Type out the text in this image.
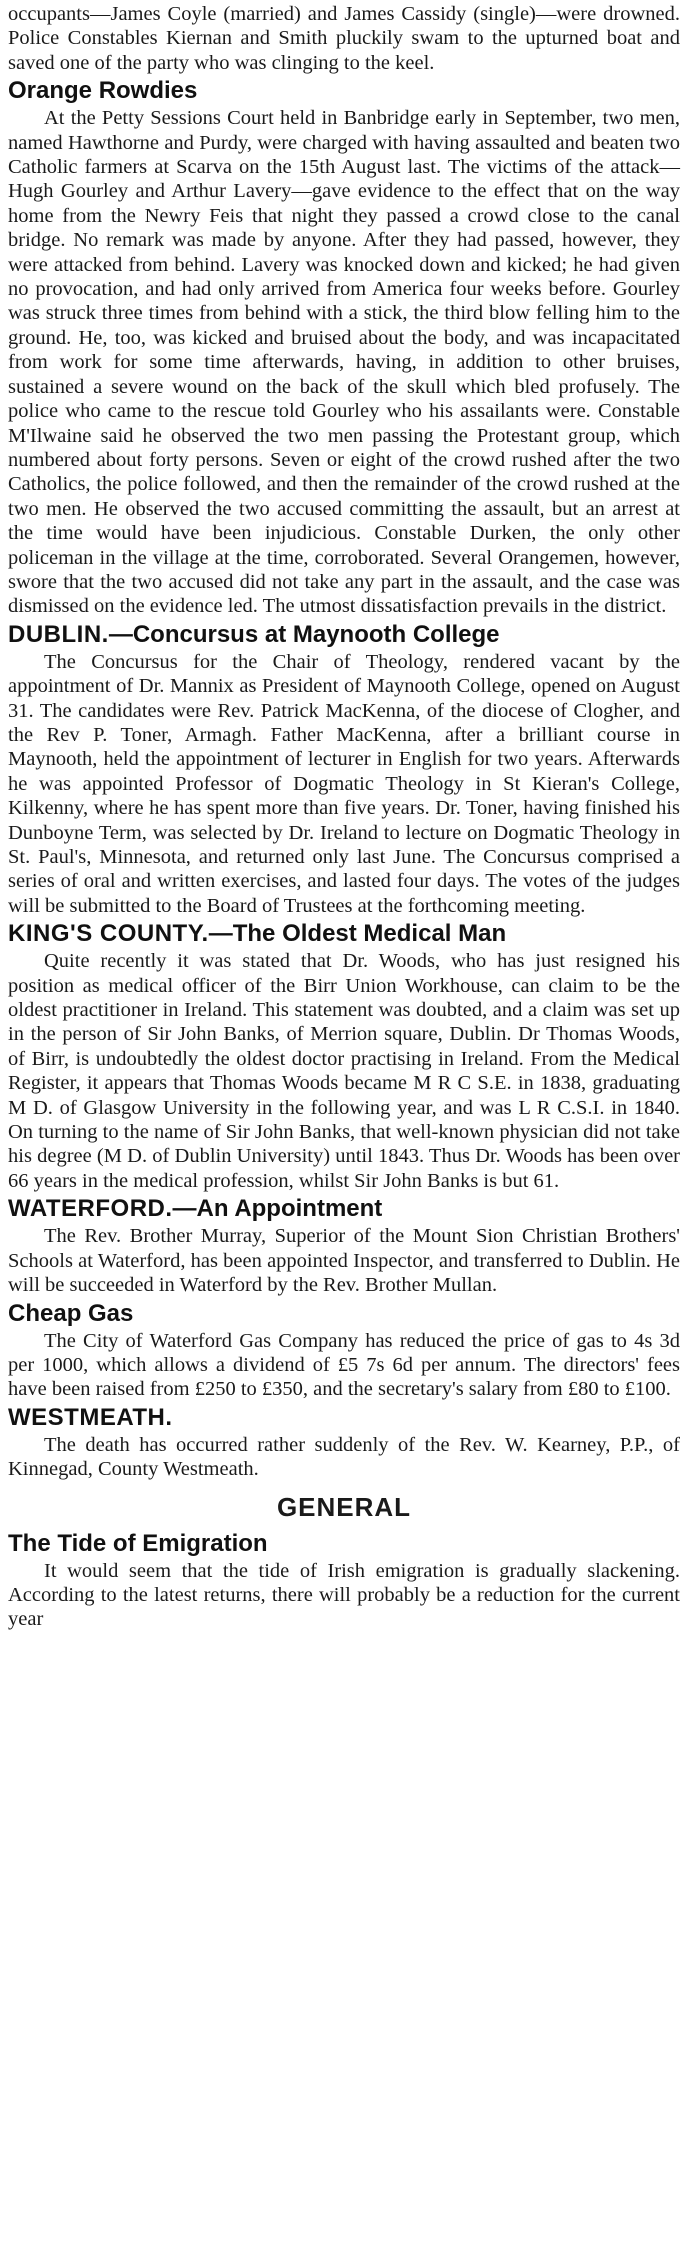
occupants—James Coyle (married) and James Cassidy (single)—were drowned. Police Constables Kiernan and Smith pluckily swam to the upturned boat and saved one of the party who was clinging to the keel.

Orange Rowdies

At the Petty Sessions Court held in Banbridge early in September, two men, named Hawthorne and Purdy, were charged with having assaulted and beaten two Catholic farmers at Scarva on the 15th August last. The victims of the attack—Hugh Gourley and Arthur Lavery—gave evidence to the effect that on the way home from the Newry Feis that night they passed a crowd close to the canal bridge. No remark was made by anyone. After they had passed, however, they were attacked from behind. Lavery was knocked down and kicked; he had given no provocation, and had only arrived from America four weeks before. Gourley was struck three times from behind with a stick, the third blow felling him to the ground. He, too, was kicked and bruised about the body, and was incapacitated from work for some time afterwards, having, in addition to other bruises, sustained a severe wound on the back of the skull which bled profusely. The police who came to the rescue told Gourley who his assailants were. Constable M'Ilwaine said he observed the two men passing the Protestant group, which numbered about forty persons. Seven or eight of the crowd rushed after the two Catholics, the police followed, and then the remainder of the crowd rushed at the two men. He observed the two accused committing the assault, but an arrest at the time would have been injudicious. Constable Durken, the only other policeman in the village at the time, corroborated. Several Orangemen, however, swore that the two accused did not take any part in the assault, and the case was dismissed on the evidence led. The utmost dissatisfaction prevails in the district.

DUBLIN.—Concursus at Maynooth College

The Concursus for the Chair of Theology, rendered vacant by the appointment of Dr. Mannix as President of Maynooth College, opened on August 31. The candidates were Rev. Patrick MacKenna, of the diocese of Clogher, and the Rev P. Toner, Armagh. Father MacKenna, after a brilliant course in Maynooth, held the appointment of lecturer in English for two years. Afterwards he was appointed Professor of Dogmatic Theology in St Kieran's College, Kilkenny, where he has spent more than five years. Dr. Toner, having finished his Dunboyne Term, was selected by Dr. Ireland to lecture on Dogmatic Theology in St. Paul's, Minnesota, and returned only last June. The Concursus comprised a series of oral and written exercises, and lasted four days. The votes of the judges will be submitted to the Board of Trustees at the forthcoming meeting.

KING'S COUNTY.—The Oldest Medical Man

Quite recently it was stated that Dr. Woods, who has just resigned his position as medical officer of the Birr Union Workhouse, can claim to be the oldest practitioner in Ireland. This statement was doubted, and a claim was set up in the person of Sir John Banks, of Merrion square, Dublin. Dr Thomas Woods, of Birr, is undoubtedly the oldest doctor practising in Ireland. From the Medical Register, it appears that Thomas Woods became M R C S.E. in 1838, graduating M D. of Glasgow University in the following year, and was L R C.S.I. in 1840. On turning to the name of Sir John Banks, that well-known physician did not take his degree (M D. of Dublin University) until 1843. Thus Dr. Woods has been over 66 years in the medical profession, whilst Sir John Banks is but 61.

WATERFORD.—An Appointment

The Rev. Brother Murray, Superior of the Mount Sion Christian Brothers' Schools at Waterford, has been appointed Inspector, and transferred to Dublin. He will be succeeded in Waterford by the Rev. Brother Mullan.

Cheap Gas

The City of Waterford Gas Company has reduced the price of gas to 4s 3d per 1000, which allows a dividend of £5 7s 6d per annum. The directors' fees have been raised from £250 to £350, and the secretary's salary from £80 to £100.

WESTMEATH.

The death has occurred rather suddenly of the Rev. W. Kearney, P.P., of Kinnegad, County Westmeath.

GENERAL
The Tide of Emigration

It would seem that the tide of Irish emigration is gradually slackening. According to the latest returns, there will probably be a reduction for the current year
